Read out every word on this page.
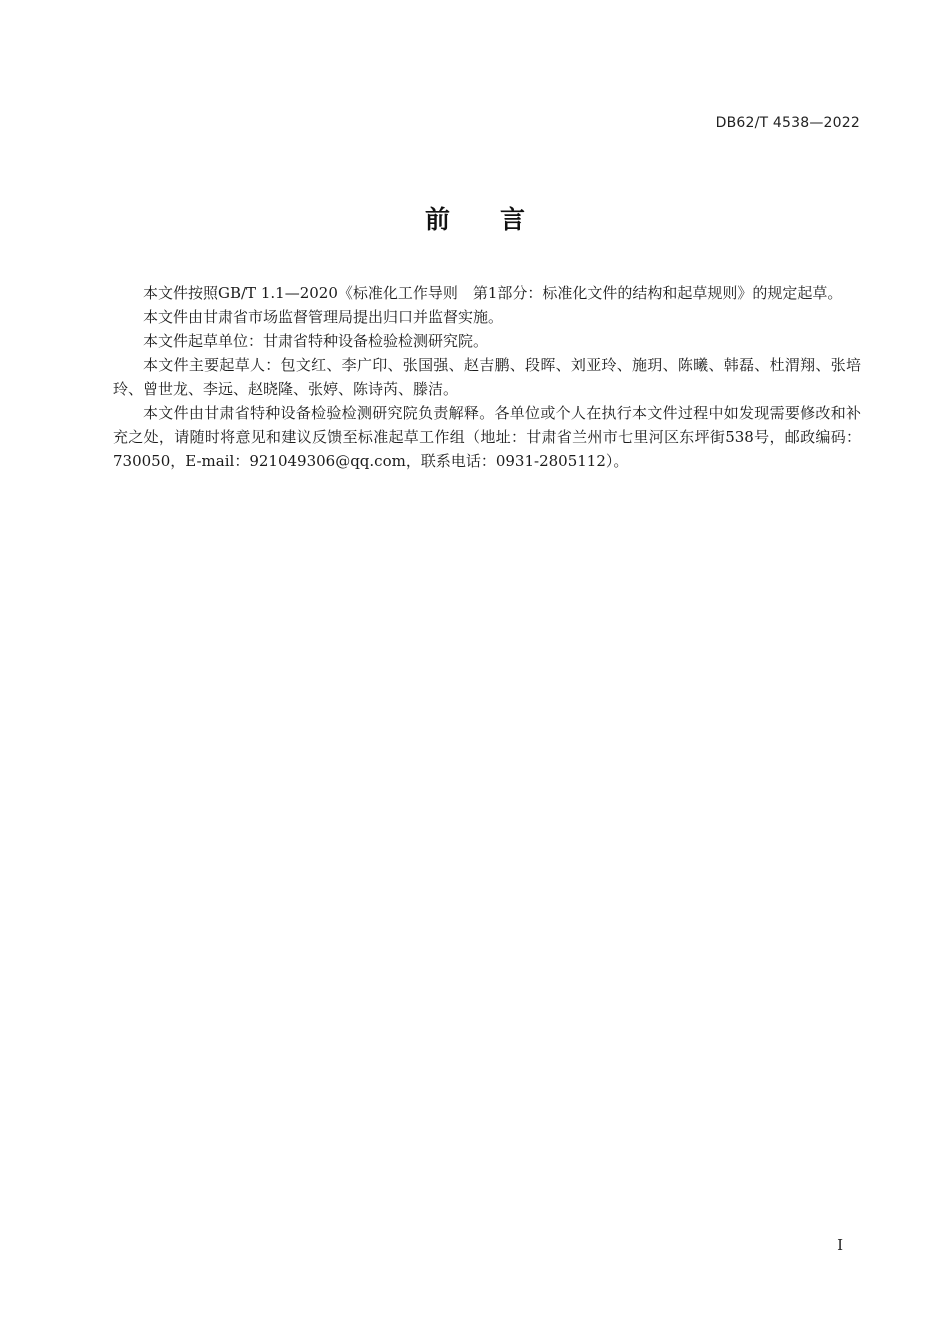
DB62/T 4538—2022
前言

本文件按照GB/T 1.1—2020《标准化工作导则　第1部分：标准化文件的结构和起草规则》的规定起草。

本文件由甘肃省市场监督管理局提出归口并监督实施。

本文件起草单位：甘肃省特种设备检验检测研究院。

本文件主要起草人：包文红、李广印、张国强、赵吉鹏、段晖、刘亚玲、施玥、陈曦、韩磊、杜渭翔、张培玲、曾世龙、李远、赵晓隆、张婷、陈诗芮、滕洁。

本文件由甘肃省特种设备检验检测研究院负责解释。各单位或个人在执行本文件过程中如发现需要修改和补充之处，请随时将意见和建议反馈至标准起草工作组（地址：甘肃省兰州市七里河区东坪街538号，邮政编码：730050，E-mail：921049306@qq.com，联系电话：0931-2805112）。

I
